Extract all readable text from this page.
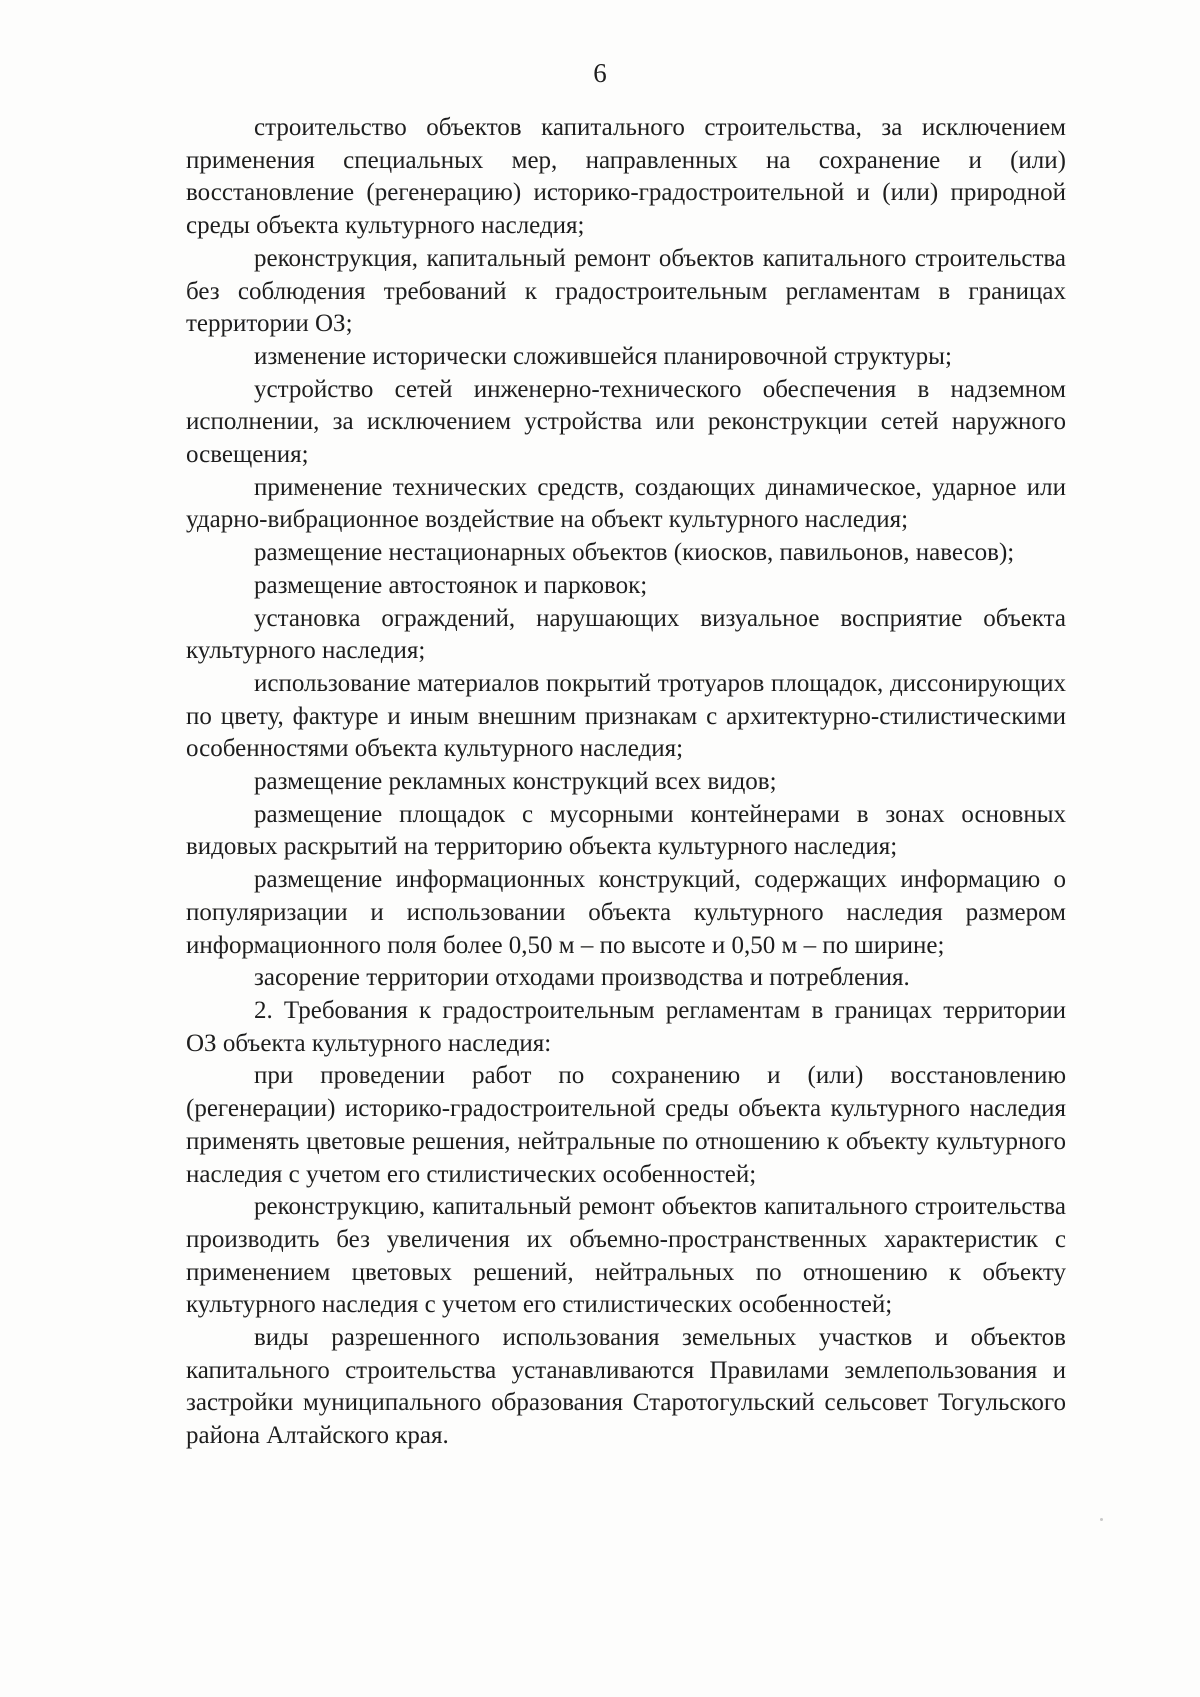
6

строительство объектов капитального строительства, за исключением применения специальных мер, направленных на сохранение и (или) восстановление (регенерацию) историко-градостроительной и (или) природной среды объекта культурного наследия;

реконструкция, капитальный ремонт объектов капитального строительства без соблюдения требований к градостроительным регламентам в границах территории ОЗ;

изменение исторически сложившейся планировочной структуры;

устройство сетей инженерно-технического обеспечения в надземном исполнении, за исключением устройства или реконструкции сетей наружного освещения;

применение технических средств, создающих динамическое, ударное или ударно-вибрационное воздействие на объект культурного наследия;

размещение нестационарных объектов (киосков, павильонов, навесов);

размещение автостоянок и парковок;

установка ограждений, нарушающих визуальное восприятие объекта культурного наследия;

использование материалов покрытий тротуаров площадок, диссонирующих по цвету, фактуре и иным внешним признакам с архитектурно-стилистическими особенностями объекта культурного наследия;

размещение рекламных конструкций всех видов;

размещение площадок с мусорными контейнерами в зонах основных видовых раскрытий на территорию объекта культурного наследия;

размещение информационных конструкций, содержащих информацию о популяризации и использовании объекта культурного наследия размером информационного поля более 0,50 м – по высоте и 0,50 м – по ширине;

засорение территории отходами производства и потребления.

2. Требования к градостроительным регламентам в границах территории ОЗ объекта культурного наследия:

при проведении работ по сохранению и (или) восстановлению (регенерации) историко-градостроительной среды объекта культурного наследия применять цветовые решения, нейтральные по отношению к объекту культурного наследия с учетом его стилистических особенностей;

реконструкцию, капитальный ремонт объектов капитального строительства производить без увеличения их объемно-пространственных характеристик с применением цветовых решений, нейтральных по отношению к объекту культурного наследия с учетом его стилистических особенностей;

виды разрешенного использования земельных участков и объектов капитального строительства устанавливаются Правилами землепользования и застройки муниципального образования Старотогульский сельсовет Тогульского района Алтайского края.
